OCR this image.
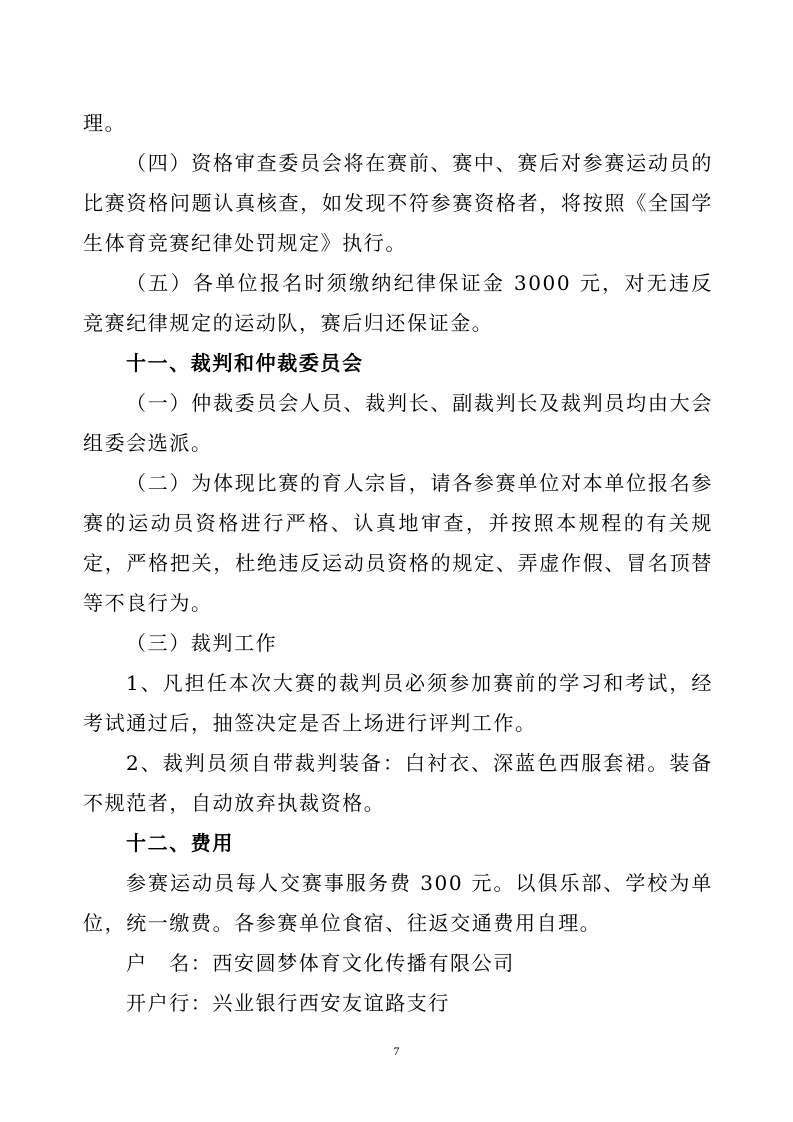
理。

（四）资格审查委员会将在赛前、赛中、赛后对参赛运动员的比赛资格问题认真核查，如发现不符参赛资格者，将按照《全国学生体育竞赛纪律处罚规定》执行。

（五）各单位报名时须缴纳纪律保证金 3000 元，对无违反竞赛纪律规定的运动队，赛后归还保证金。

十一、裁判和仲裁委员会

（一）仲裁委员会人员、裁判长、副裁判长及裁判员均由大会组委会选派。

（二）为体现比赛的育人宗旨，请各参赛单位对本单位报名参赛的运动员资格进行严格、认真地审查，并按照本规程的有关规定，严格把关，杜绝违反运动员资格的规定、弄虚作假、冒名顶替等不良行为。

（三）裁判工作

1、凡担任本次大赛的裁判员必须参加赛前的学习和考试，经考试通过后，抽签决定是否上场进行评判工作。

2、裁判员须自带裁判装备：白衬衣、深蓝色西服套裙。装备不规范者，自动放弃执裁资格。

十二、费用

参赛运动员每人交赛事服务费 300 元。以俱乐部、学校为单位，统一缴费。各参赛单位食宿、往返交通费用自理。

户　名：西安圆梦体育文化传播有限公司

开户行：兴业银行西安友谊路支行

7
